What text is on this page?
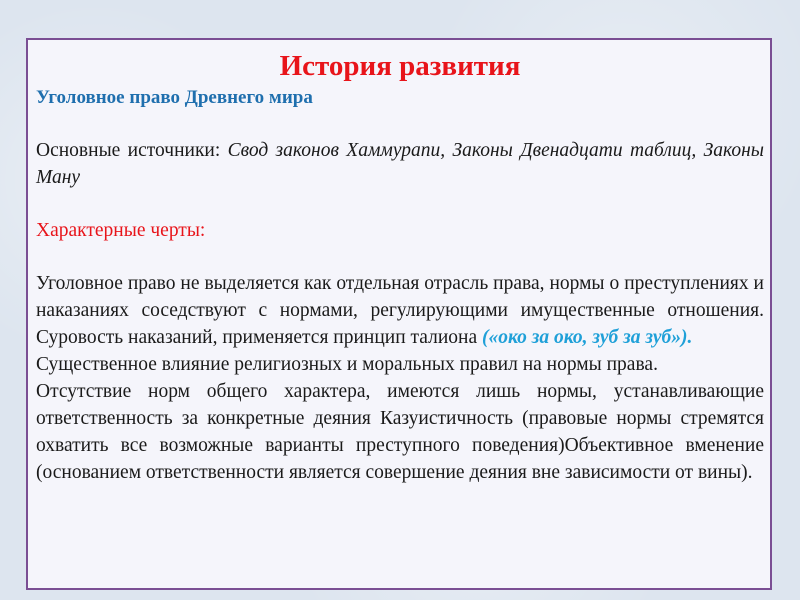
История развития

Уголовное право Древнего мира

Основные источники: Свод законов Хаммурапи, Законы Двенадцати таблиц, Законы Ману

Характерные черты:

Уголовное право не выделяется как отдельная отрасль права, нормы о преступлениях и наказаниях соседствуют с нормами, регулирующими имущественные отношения. Суровость наказаний, применяется принцип талиона («око за око, зуб за зуб»).

Существенное влияние религиозных и моральных правил на нормы права.

Отсутствие норм общего характера, имеются лишь нормы, устанавливающие ответственность за конкретные деяния Казуистичность (правовые нормы стремятся охватить все возможные варианты преступного поведения)Объективное вменение (основанием ответственности является совершение деяния вне зависимости от вины).
